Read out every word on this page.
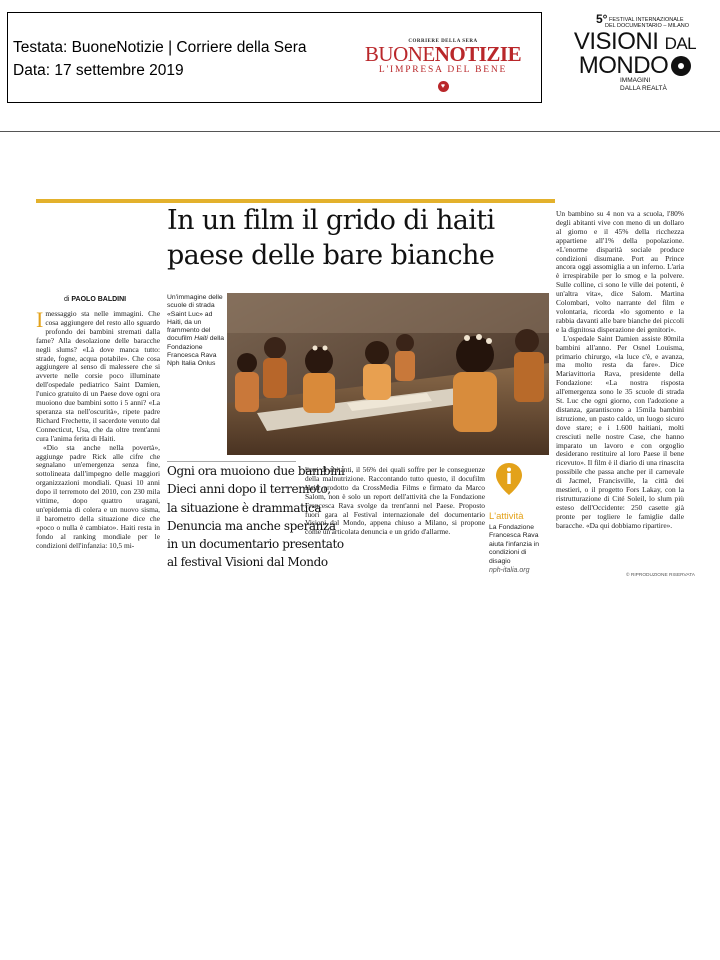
Testata: BuoneNotizie | Corriere della Sera
Data: 17 settembre 2019
CORRIERE DELLA SERA
BUONENOTIZIE
L'IMPRESA DEL BENE
♥
5° FESTIVAL INTERNAZIONALE
DEL DOCUMENTARIO – MILANO
VISIONI DAL
MONDO
IMMAGINI
DALLA REALTÀ
In un film il grido di haiti
paese delle bare bianche
di PAOLO BALDINI

I messaggio sta nelle immagini. Che cosa aggiungere del resto allo sguardo profondo dei bambini stremati dalla fame? Alla desolazione delle baracche negli slums? «Là dove manca tutto: strade, fogne, acqua potabile». Che cosa aggiungere al senso di malessere che si avverte nelle corsie poco illuminate dell'ospedale pediatrico Saint Damien, l'unico gratuito di un Paese dove ogni ora muoiono due bambini sotto i 5 anni? «La speranza sta nell'oscurità», ripete padre Richard Frechette, il sacerdote venuto dal Connecticut, Usa, che da oltre trent'anni cura l'anima ferita di Haiti.

«Dio sta anche nella povertà», aggiunge padre Rick alle cifre che segnalano un'emergenza senza fine, sottolineata dall'impegno delle maggiori organizzazioni mondiali. Quasi 10 anni dopo il terremoto del 2010, con 230 mila vittime, dopo quattro uragani, un'epidemia di colera e un nuovo sisma, il barometro della situazione dice che «poco o nulla è cambiato». Haiti resta in fondo al ranking mondiale per le condizioni dell'infanzia: 10,5 mi-

Un'immagine delle scuole di strada «Saint Luc» ad Haiti, da un frammento del docufilm Haiti della Fondazione Francesca Rava Nph Italia Onlus
Ogni ora muoiono due bambini
Dieci anni dopo il terremoto,
la situazione è drammatica
Denuncia ma anche speranza
in un documentario presentato
al festival Visioni dal Mondo

lioni di abitanti, il 56% dei quali soffre per le conseguenze della malnutrizione. Raccontando tutto questo, il docufilm Haiti prodotto da CrossMedia Films e firmato da Marco Salom, non è solo un report dell'attività che la Fondazione Francesca Rava svolge da trent'anni nel Paese. Proposto fuori gara al Festival internazionale del documentario Visioni dal Mondo, appena chiuso a Milano, si propone come un'articolata denuncia e un grido d'allarme.

L'attività
La Fondazione Francesca Rava aiuta l'infanzia in condizioni di disagio
nph-italia.org

Un bambino su 4 non va a scuola, l'80% degli abitanti vive con meno di un dollaro al giorno e il 45% della ricchezza appartiene all'1% della popolazione. «L'enorme disparità sociale produce condizioni disumane. Port au Prince ancora oggi assomiglia a un inferno. L'aria è irrespirabile per lo smog e la polvere. Sulle colline, ci sono le ville dei potenti, è un'altra vita», dice Salom. Martina Colombari, volto narrante del film e volontaria, ricorda «lo sgomento e la rabbia davanti alle bare bianche dei piccoli e la dignitosa disperazione dei genitori».

L'ospedale Saint Damien assiste 80mila bambini all'anno. Per Osnel Louisma, primario chirurgo, «la luce c'è, e avanza, ma molto resta da fare». Dice Mariavittoria Rava, presidente della Fondazione: «La nostra risposta all'emergenza sono le 35 scuole di strada St. Luc che ogni giorno, con l'adozione a distanza, garantiscono a 15mila bambini istruzione, un pasto caldo, un luogo sicuro dove stare; e i 1.600 haitiani, molti cresciuti nelle nostre Case, che hanno imparato un lavoro e con orgoglio desiderano restituire al loro Paese il bene ricevuto». Il film è il diario di una rinascita possibile che passa anche per il carnevale di Jacmel, Francisville, la città dei mestieri, o il progetto Fors Lakay, con la ristrutturazione di Cité Soleil, lo slum più esteso dell'Occidente: 250 casette già pronte per togliere le famiglie dalle baracche. «Da qui dobbiamo ripartire».

© RIPRODUZIONE RISERVATA
